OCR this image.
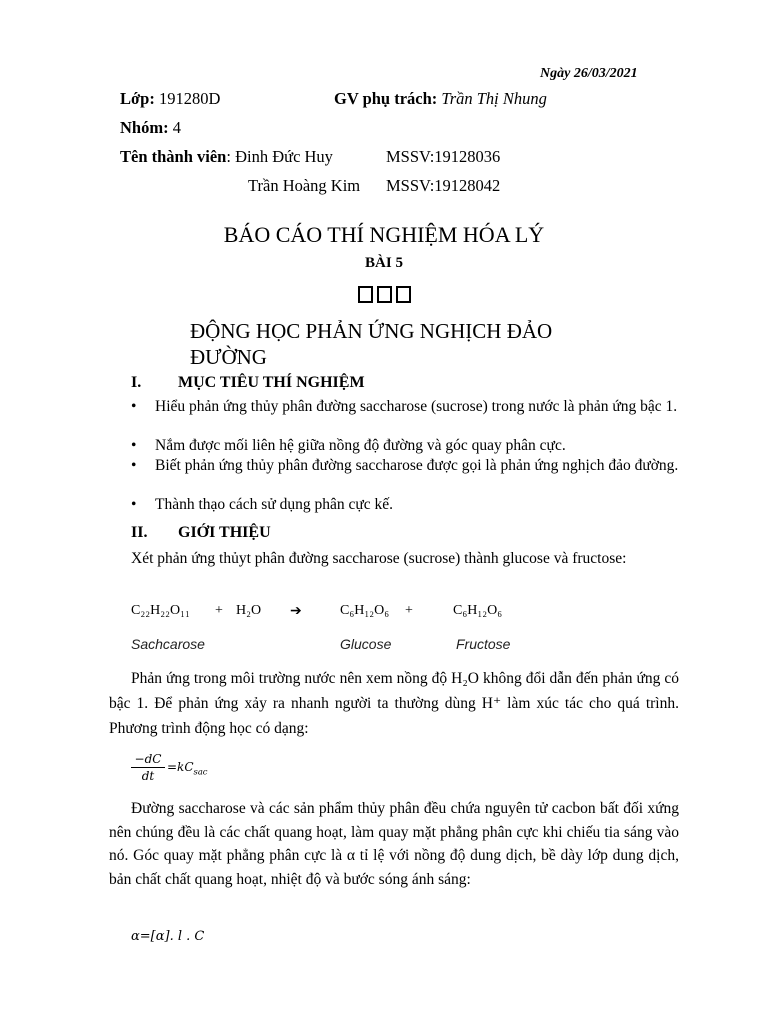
Ngày 26/03/2021
Lớp: 191280D	GV phụ trách: Trần Thị Nhung
Nhóm: 4
Tên thành viên: Đinh Đức Huy	MSSV:19128036
Trần Hoàng Kim MSSV:19128042
BÁO CÁO THÍ NGHIỆM HÓA LÝ
BÀI 5
ĐỘNG HỌC PHẢN ỨNG NGHỊCH ĐẢO ĐƯỜNG
I. MỤC TIÊU THÍ NGHIỆM
• Hiểu phản ứng thủy phân đường saccharose (sucrose) trong nước là phản ứng bậc 1.
• Nắm được mối liên hệ giữa nồng độ đường và góc quay phân cực.
• Biết phản ứng thủy phân đường saccharose được gọi là phản ứng nghịch đảo đường.
• Thành thạo cách sử dụng phân cực kế.
II. GIỚI THIỆU
Xét phản ứng thủyt phân đường saccharose (sucrose) thành glucose và fructose:
C₂₂H₂₂O₁₁ + H₂O ➔	C₆H₁₂O₆ +	C₆H₁₂O₆
Sachcarose	Glucose	Fructose
Phản ứng trong môi trường nước nên xem nồng độ H₂O không đổi dẫn đến phản ứng có bậc 1. Để phản ứng xảy ra nhanh người ta thường dùng H⁺ làm xúc tác cho quá trình. Phương trình động học có dạng:
−dC
dt
$=kC_{sac}$
Đường saccharose và các sản phẩm thủy phân đều chứa nguyên tử cacbon bất đối xứng nên chúng đều là các chất quang hoạt, làm quay mặt phẳng phân cực khi chiếu tia sáng vào nó. Góc quay mặt phẳng phân cực là α tỉ lệ với nồng độ dung dịch, bề dày lớp dung dịch, bản chất chất quang hoạt, nhiệt độ và bước sóng ánh sáng:
α=[α]. l . C
